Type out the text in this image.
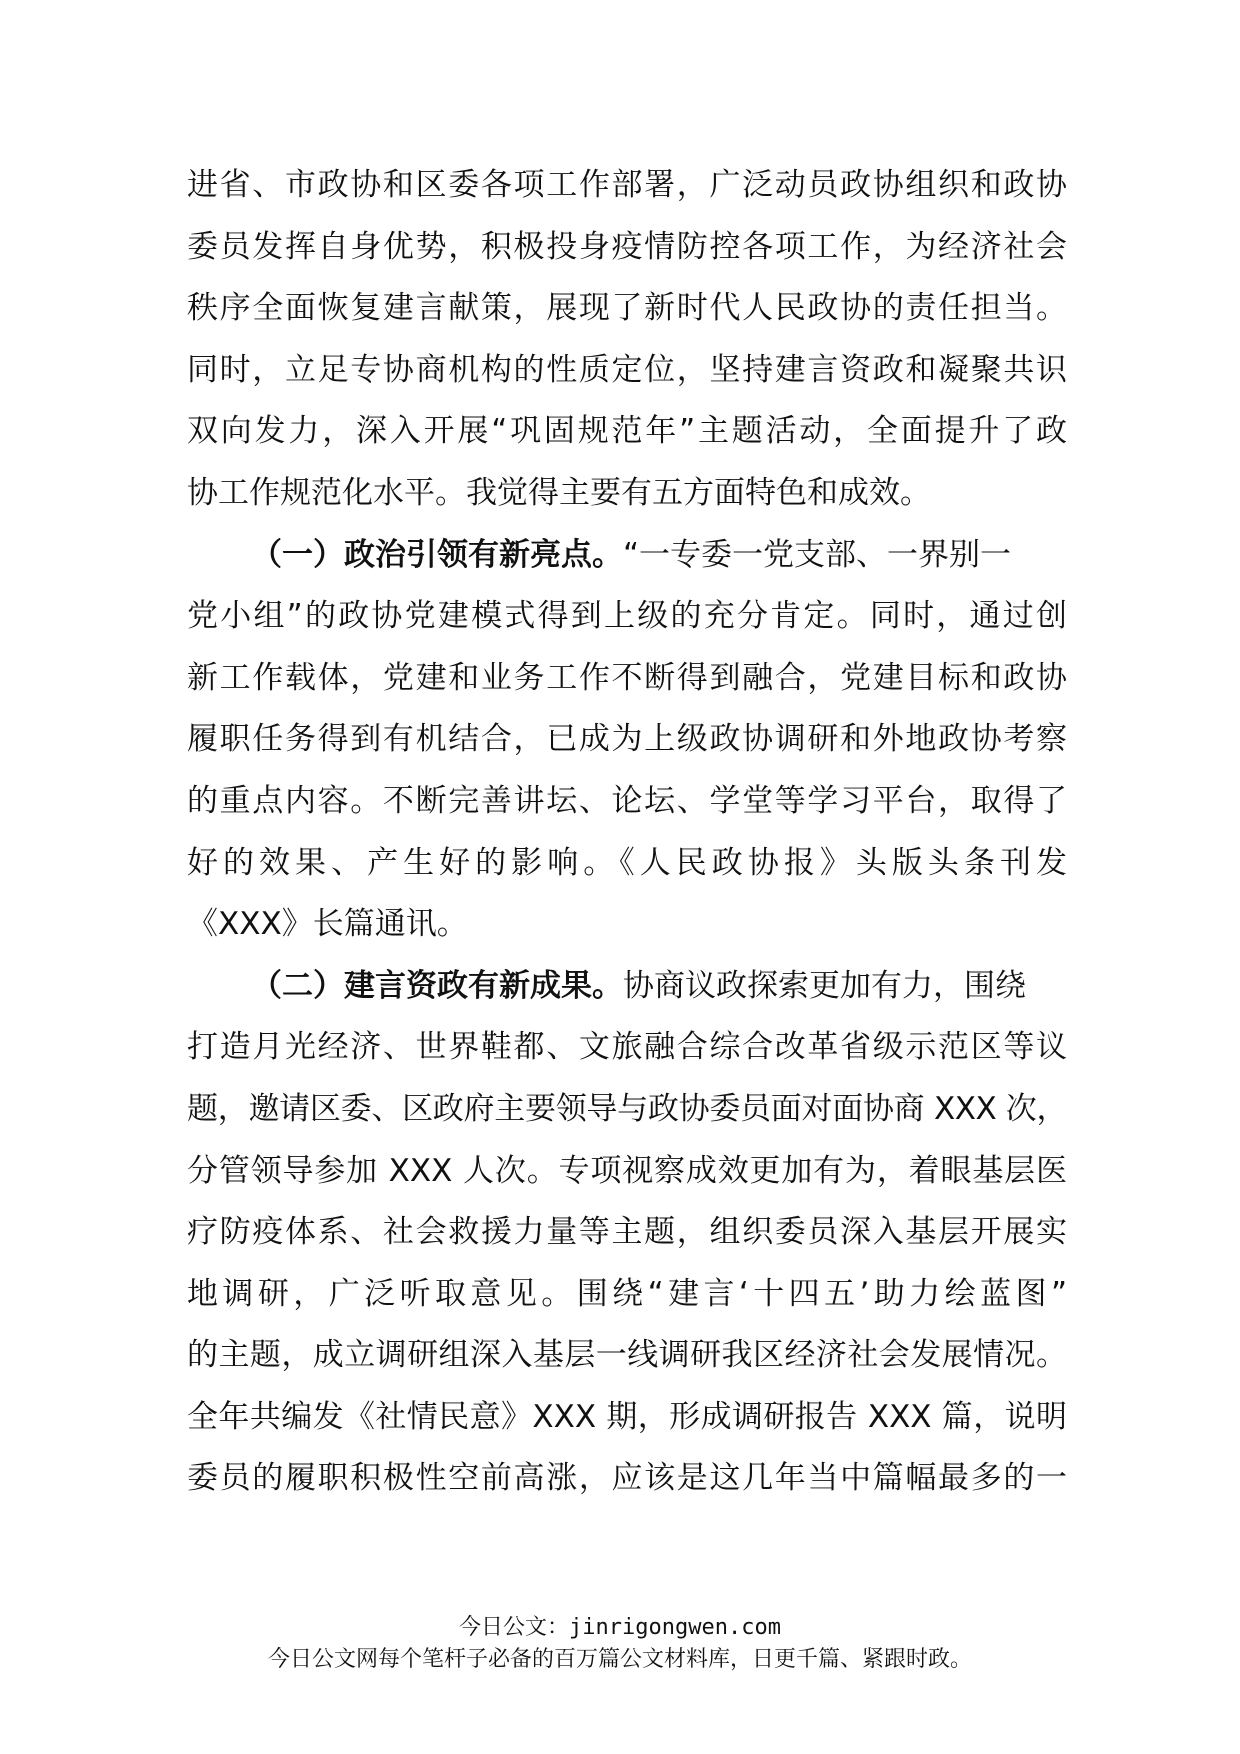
进省、市政协和区委各项工作部署，广泛动员政协组织和政协
委员发挥自身优势，积极投身疫情防控各项工作，为经济社会
秩序全面恢复建言献策，展现了新时代人民政协的责任担当。
同时，立足专协商机构的性质定位，坚持建言资政和凝聚共识
双向发力，深入开展“巩固规范年”主题活动，全面提升了政
协工作规范化水平。我觉得主要有五方面特色和成效。
（一）政治引领有新亮点。“一专委一党支部、一界别一
党小组”的政协党建模式得到上级的充分肯定。同时，通过创
新工作载体，党建和业务工作不断得到融合，党建目标和政协
履职任务得到有机结合，已成为上级政协调研和外地政协考察
的重点内容。不断完善讲坛、论坛、学堂等学习平台，取得了
好的效果、产生好的影响。《人民政协报》头版头条刊发
《XXX》长篇通讯。
（二）建言资政有新成果。协商议政探索更加有力，围绕
打造月光经济、世界鞋都、文旅融合综合改革省级示范区等议
题，邀请区委、区政府主要领导与政协委员面对面协商 XXX 次，
分管领导参加 XXX 人次。专项视察成效更加有为，着眼基层医
疗防疫体系、社会救援力量等主题，组织委员深入基层开展实
地调研，广泛听取意见。围绕“建言‘十四五’助力绘蓝图”
的主题，成立调研组深入基层一线调研我区经济社会发展情况。
全年共编发《社情民意》XXX 期，形成调研报告 XXX 篇，说明
委员的履职积极性空前高涨，应该是这几年当中篇幅最多的一
今日公文：jinrigongwen.com
今日公文网每个笔杆子必备的百万篇公文材料库，日更千篇、紧跟时政。
